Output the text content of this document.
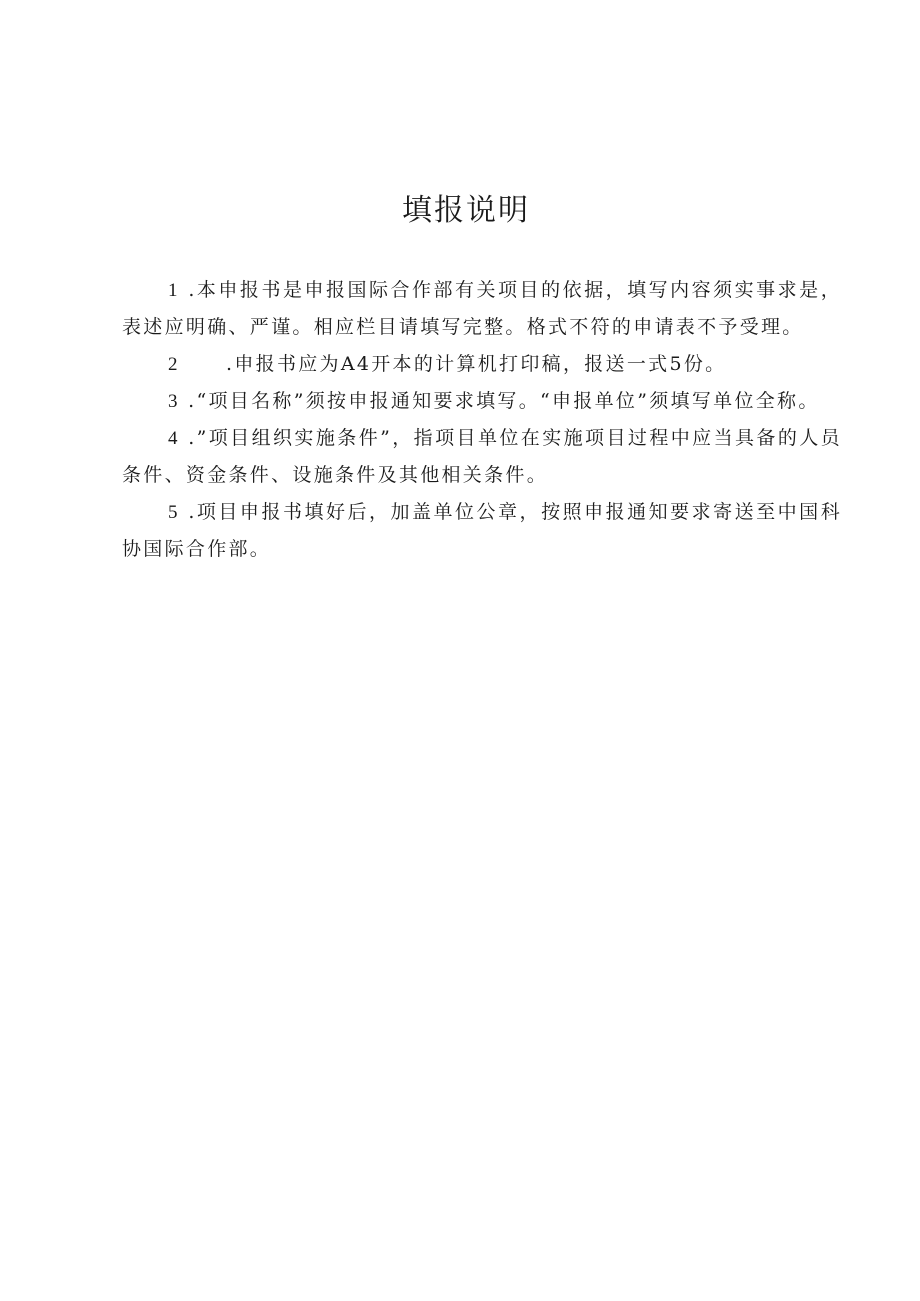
填报说明

1 .本申报书是申报国际合作部有关项目的依据，填写内容须实事求是，表述应明确、严谨。相应栏目请填写完整。格式不符的申请表不予受理。

2 .申报书应为A4开本的计算机打印稿，报送一式5份。

3 .“项目名称”须按申报通知要求填写。“申报单位”须填写单位全称。

4 .”项目组织实施条件”，指项目单位在实施项目过程中应当具备的人员条件、资金条件、设施条件及其他相关条件。

5 .项目申报书填好后，加盖单位公章，按照申报通知要求寄送至中国科协国际合作部。
